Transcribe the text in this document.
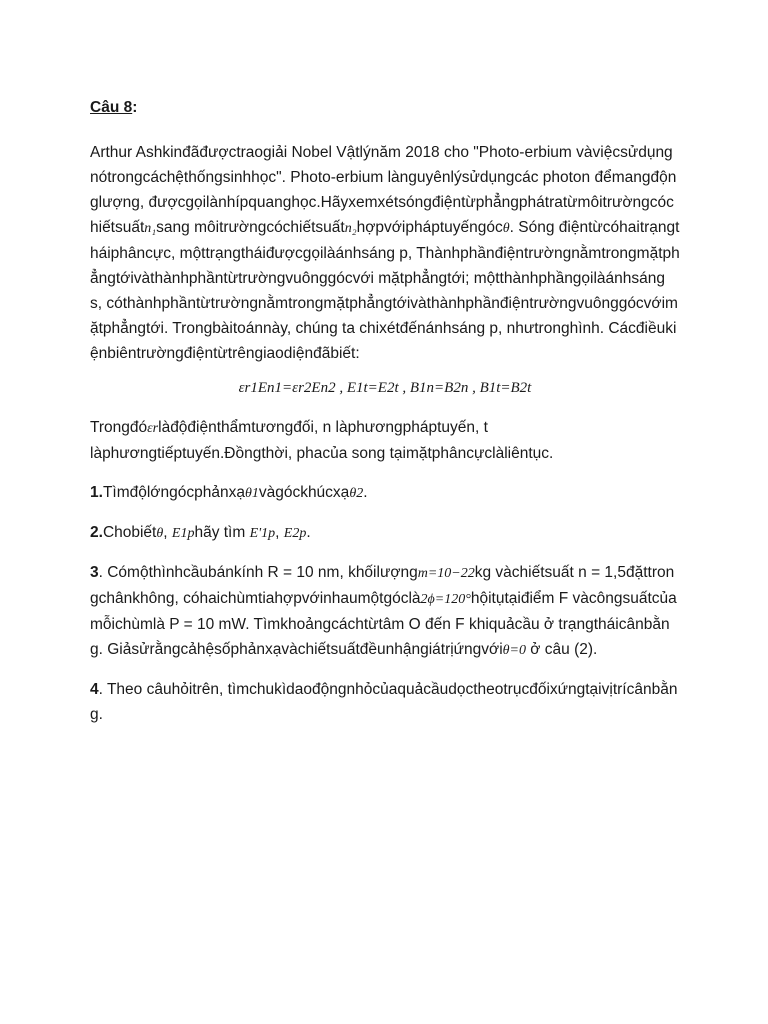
Câu 8:

Arthur Ashkinđãđượctraogiải Nobel Vậtlýnăm 2018 cho "Photo-erbium vàviệcsửdụngnótrongcáchệthốngsinhhọc". Photo-erbium lànguyênlýsửdụngcác photon đểmangđộnglượng, đượcgọilànhípquanghọc.Hãyxemxétsóngđiệntừphẳngphátratừmôitrườngcóchiếtsuấtn₁sang môitrườngcóchiếtsuấtn₂hợpvớipháptuyếngócθ. Sóng điệntừcóhaitrạngtháiphâncực, mộttrạngtháiđượcgọilàánhsáng p, Thànhphầnđiệntrườngnằmtrongmặtphẳngtớivàthànhphầntừtrườngvuônggócvới mặtphẳngtới; mộtthànhphầngọilàánhsáng s, cóthànhphầntừtrườngnằmtrongmặtphẳngtớivàthànhphầnđiệntrườngvuônggócvớimặtphẳngtới. Trongbàitoánnày, chúng ta chixétđếnánhsáng p, nhưtronghình. Cácđiềukiệnbiêntrườngđiệntừtrêngiaodiệnđãbiết:

εr1En1=εr2En2 , E1t=E2t , B1n=B2n , B1t=B2t

Trongđóεrlàđộđiệnthẩmtươngđối, n làphươngpháptuyến, t làphươngtiếptuyến.Đồngthời, phacủa song tạimặtphâncựclàliêntục.

1.Tìmđộlớngócphảnxạθ1vàgóckhúcxạθ2.

2.Chobiếtθ, E1phãy tìm E'1p, E2p.

3. Cómộthìnhcầubánkính R = 10 nm, khốilượngm=10−22kg vàchiếtsuất n = 1,5đặttrongchânkhông, cóhaichùmtiahợpvớinhaumộtgóclà2ϕ=120°hộitụtạiđiểm F vàcôngsuấtcủamỗichùmlà P = 10 mW. Tìmkhoảngcáchtừtâm O đến F khiquảcầu ở trạngtháicânbằng. Giảsửrằngcảhệsốphảnxạvàchiếtsuấtđềunhậngiátrịứngvớiθ=0 ở câu (2).

4. Theo câuhỏitrên, tìmchukìdaođộngnhỏcủaquảcầudọctheotrụcđốixứngtạivịtrícânbằng.
